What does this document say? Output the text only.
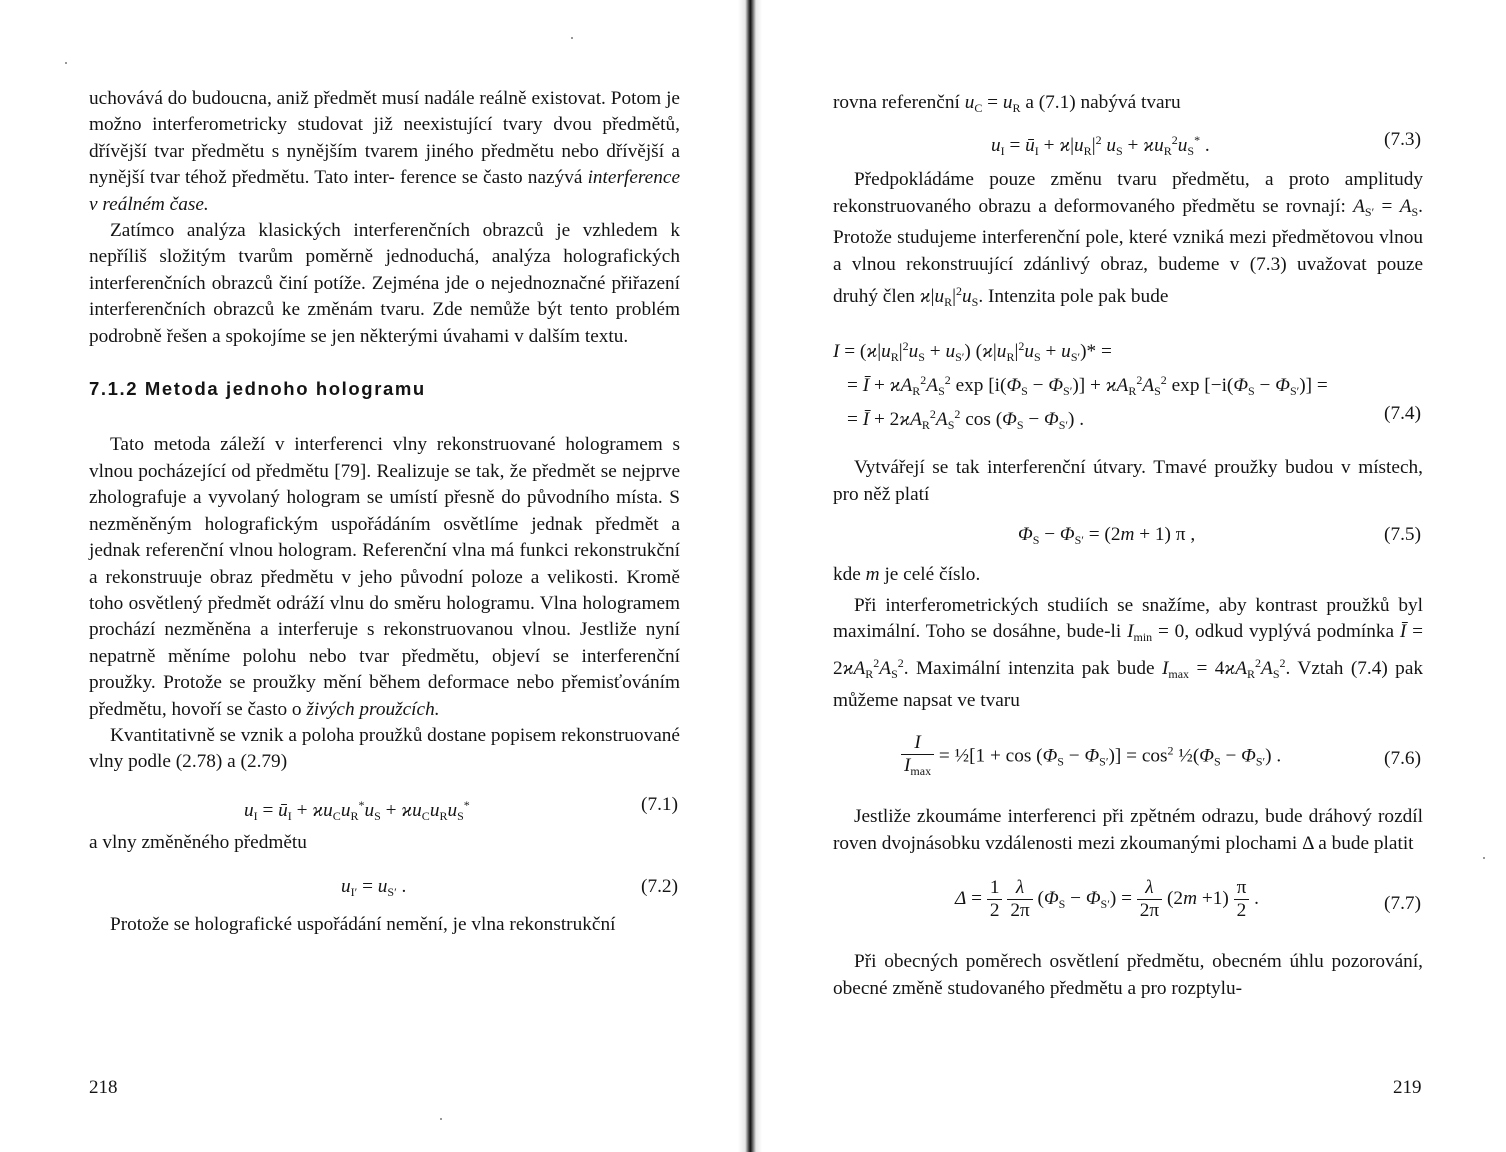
uchovává do budoucna, aniž předmět musí nadále reálně existovat. Potom je možno interferometricky studovat již neexistující tvary dvou předmětů, dřívější tvar předmětu s nynějším tvarem jiného předmětu nebo dřívější a nynější tvar téhož předmětu. Tato inter- ference se často nazývá interference v reálném čase.

Zatímco analýza klasických interferenčních obrazců je vzhledem k nepříliš složitým tvarům poměrně jednoduchá, analýza holografických interferenčních obrazců činí potíže. Zejména jde o nejednoznačné přiřazení interferenčních obrazců ke změnám tvaru. Zde nemůže být tento problém podrobně řešen a spokojíme se jen některými úvahami v dalším textu.

7.1.2 Metoda jednoho hologramu

Tato metoda záleží v interferenci vlny rekonstruované hologramem s vlnou pocházející od předmětu [79]. Realizuje se tak, že předmět se nejprve zholografuje a vyvolaný hologram se umístí přesně do původního místa. S nezměněným holografickým uspořádáním osvětlíme jednak předmět a jednak referenční vlnou hologram. Referenční vlna má funkci rekonstrukční a rekonstruuje obraz předmětu v jeho původní poloze a velikosti. Kromě toho osvětlený předmět odráží vlnu do směru hologramu. Vlna hologramem prochází nezměněna a interferuje s rekonstruovanou vlnou. Jestliže nyní nepatrně měníme polohu nebo tvar předmětu, objeví se interferenční proužky. Protože se proužky mění během deformace nebo přemisťováním předmětu, hovoří se často o živých proužcích.

Kvantitativně se vznik a poloha proužků dostane popisem rekonstruované vlny podle (2.78) a (2.79)

$u_I$ = $ū_I + ϰu_Cu_R^*u_S + ϰu_Cu_Ru_S^*$	(7.1)

a vlny změněného předmětu

$u_{I'} = u_{S'}$ .	(7.2)

Protože se holografické uspořádání nemění, je vlna rekonstrukční

218

rovna referenční $u_C = u_R$ a (7.1) nabývá tvaru

$u_I$ = $ū_I + ϰ|u_R|^2$ $u_S + ϰu_R^2u_S^*$ .	(7.3)

Předpokládáme pouze změnu tvaru předmětu, a proto amplitudy rekonstruovaného obrazu a deformovaného předmětu se rovnají: $A_{S'} = A_S$. Protože studujeme interferenční pole, které vzniká mezi předmětovou vlnou a vlnou rekonstruující zdánlivý obraz, budeme v (7.3) uvažovat pouze druhý člen $ϰ|u_R|^2u_S$. Intenzita pole pak bude

$I = (ϰ|u_R|^2u_S + u_{S'}) (ϰ|u_R|^2u_S + u_{S'})*$ =
= Ī + $ϰA_R^2A_S^2$ $\exp [i(\Phi_S - \Phi_{S'})] + ϰA_R^2A_S^2$ $\exp [-i(\Phi_S - \Phi_{S'})]$ =
= Ī + $2ϰA_R^2A_S^2$ $\cos (\Phi_S - \Phi_{S'})$ .	(7.4)

Vytvářejí se tak interferenční útvary. Tmavé proužky budou v místech, pro něž platí

$\Phi_S - \Phi_{S'} = (2m + 1)$ π ,	(7.5)

kde m je celé číslo.

Při interferometrických studiích se snažíme, aby kontrast proužků byl maximální. Toho se dosáhne, bude-li $I_{min} = 0$, odkud vyplývá podmínka Ī = $2ϰA_R^2A_S^2$. Maximální intenzita pak bude $I_{max} = 4ϰA_R^2A_S^2$. Vztah (7.4) pak můžeme napsat ve tvaru

$\frac{I}{I_{max}}$ = ½[1 + $\cos (\Phi_S - \Phi_{S'})] = \cos^2$ $\frac{1}{2}(\Phi_S - \Phi_{S'})$ .	(7.6)

Jestliže zkoumáme interferenci při zpětném odrazu, bude dráhový rozdíl roven dvojnásobku vzdálenosti mezi zkoumanými plochami Δ a bude platit

$\Delta = \frac{1}{2}$
$\frac{\lambda}{2\pi} (\Phi_S - \Phi_{S'}) = \frac{\lambda}{2\pi} (2m +1) \frac{\pi}{2}$ .	(7.7)

Při obecných poměrech osvětlení předmětu, obecném úhlu pozorování, obecné změně studovaného předmětu a pro rozptylu-

219
